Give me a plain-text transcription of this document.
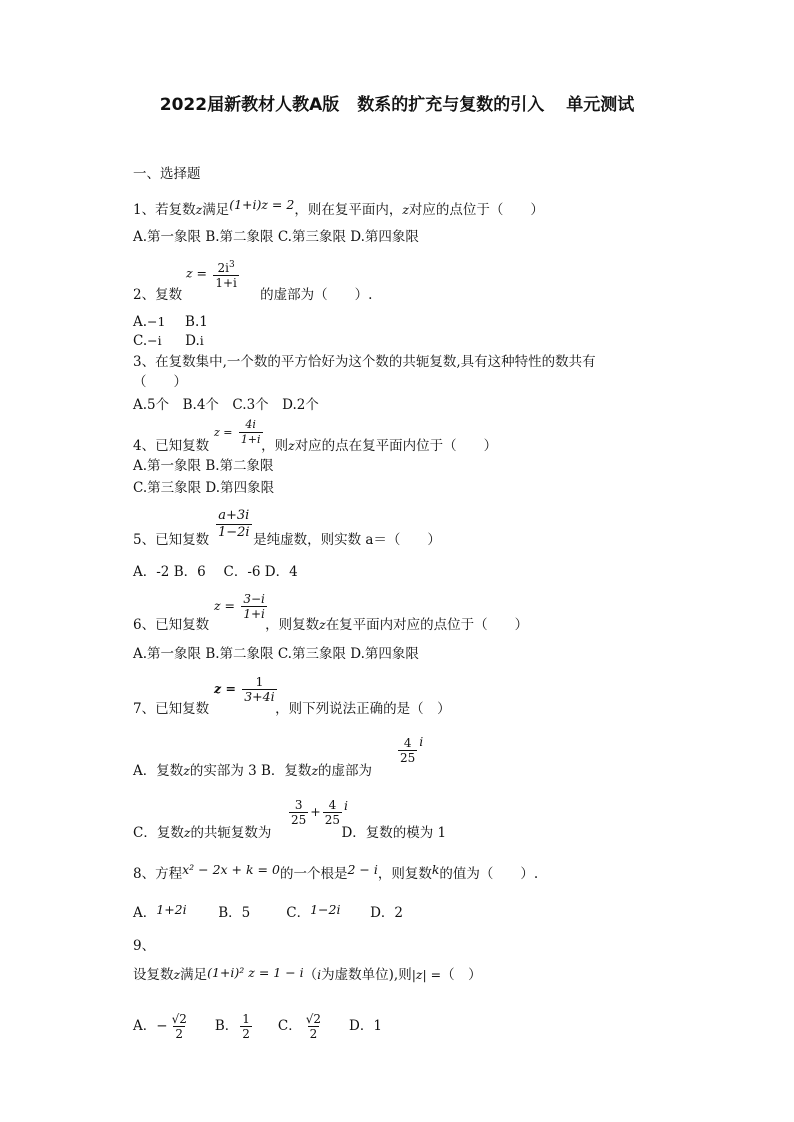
2022届新教材人教A版 数系的扩充与复数的引入 单元测试
一、选择题
1、若复数z满足(1+i)z = 2，则在复平面内，z对应的点位于（　　）
A.第一象限 B.第二象限 C.第三象限 D.第四象限
$z = \frac{2i^3}{1+i}$
2、复数	的虚部为（　　）.
A.−1 B.1
C.−i D.i
3、在复数集中,一个数的平方恰好为这个数的共轭复数,具有这种特性的数共有
（　　）
A.5个　B.4个　C.3个　D.2个
$z = \frac{4i}{1+i}$
4、已知复数	，则z对应的点在复平面内位于（　　）
A.第一象限 B.第二象限
C.第三象限 D.第四象限
$\frac{a+3i}{1-2i}$
5、已知复数	是纯虚数，则实数 a＝（　　）
A．-2 B．6　 C．-6 D．4
$z = \frac{3-i}{1+i}$
6、已知复数	，则复数z在复平面内对应的点位于（　　）
A.第一象限 B.第二象限 C.第三象限 D.第四象限
$z = \frac{1}{3+4i}$
7、已知复数	，则下列说法正确的是（　）
$\frac{4}{25}$ i
A．复数z的实部为 3 B．复数z的虚部为
$\frac{3}{25} + \frac{4}{25}$ i
C．复数z的共轭复数为	D．复数的模为 1
8、方程x² − 2x + k = 0的一个根是2 − i，则复数k的值为（　　）.
A．1+2i B．5	C．1−2i D．2
9、
设复数z满足(1+i)² z = 1 − i（i为虚数单位),则|z| =（　）
A．− $\frac{√2}{2}$ B． $\frac{1}{2}$ C． $\frac{√2}{2}$ D．1
